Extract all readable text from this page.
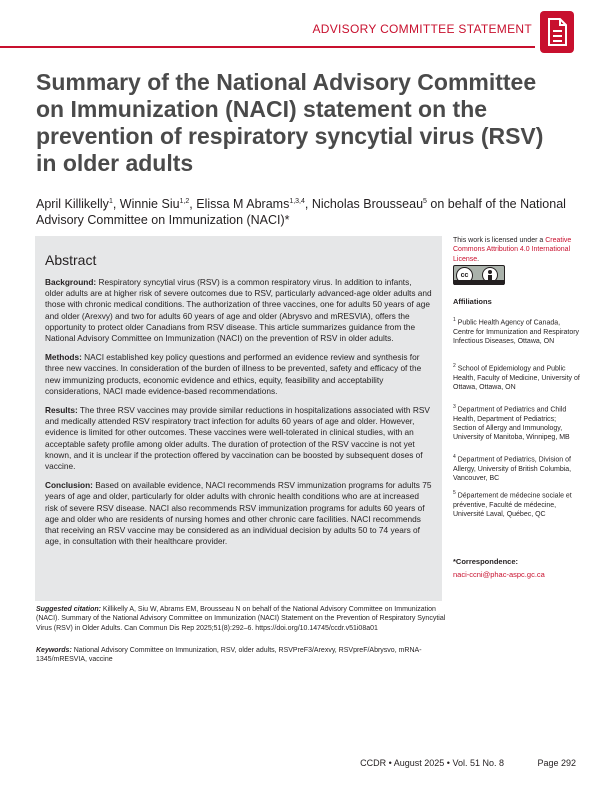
ADVISORY COMMITTEE STATEMENT
Summary of the National Advisory Committee on Immunization (NACI) statement on the prevention of respiratory syncytial virus (RSV) in older adults
April Killikelly$^1$, Winnie Siu$^{1,2}$, Elissa M Abrams$^{1,3,4}$, Nicholas Brousseau$^5$ on behalf of the National Advisory Committee on Immunization (NACI)*
Abstract

Background: Respiratory syncytial virus (RSV) is a common respiratory virus. In addition to infants, older adults are at higher risk of severe outcomes due to RSV, particularly advanced-age older adults and those with chronic medical conditions. The authorization of three vaccines, one for adults 50 years of age and older (Arexvy) and two for adults 60 years of age and older (Abrysvo and mRESVIA), offers the opportunity to protect older Canadians from RSV disease. This article summarizes guidance from the National Advisory Committee on Immunization (NACI) on the prevention of RSV in older adults.

Methods: NACI established key policy questions and performed an evidence review and synthesis for three new vaccines. In consideration of the burden of illness to be prevented, safety and efficacy of the new immunizing products, economic evidence and ethics, equity, feasibility and acceptability considerations, NACI made evidence-based recommendations.

Results: The three RSV vaccines may provide similar reductions in hospitalizations associated with RSV and medically attended RSV respiratory tract infection for adults 60 years of age and older. However, evidence is limited for other outcomes. These vaccines were well-tolerated in clinical studies, with an acceptable safety profile among older adults. The duration of protection of the RSV vaccine is not yet known, and it is unclear if the protection offered by vaccination can be boosted by subsequent doses of vaccine.

Conclusion: Based on available evidence, NACI recommends RSV immunization programs for adults 75 years of age and older, particularly for older adults with chronic health conditions who are at increased risk of severe RSV disease. NACI also recommends RSV immunization programs for adults 60 years of age and older who are residents of nursing homes and other chronic care facilities. NACI recommends that receiving an RSV vaccine may be considered as an individual decision by adults 50 to 74 years of age, in consultation with their healthcare provider.

This work is licensed under a Creative Commons Attribution 4.0 International License.
cc
Affiliations
$^1$ Public Health Agency of Canada, Centre for Immunization and Respiratory Infectious Diseases, Ottawa, ON
$^2$ School of Epidemiology and Public Health, Faculty of Medicine, University of Ottawa, Ottawa, ON
$^3$ Department of Pediatrics and Child Health, Department of Pediatrics; Section of Allergy and Immunology, University of Manitoba, Winnipeg, MB
$^4$ Department of Pediatrics, Division of Allergy, University of British Columbia, Vancouver, BC
$^5$ Département de médecine sociale et préventive, Faculté de médecine, Université Laval, Québec, QC
*Correspondence:
naci-ccni@phac-aspc.gc.ca
Suggested citation: Killikelly A, Siu W, Abrams EM, Brousseau N on behalf of the National Advisory Committee on Immunization (NACI). Summary of the National Advisory Committee on Immunization (NACI) Statement on the Prevention of Respiratory Syncytial Virus (RSV) in Older Adults. Can Commun Dis Rep 2025;51(8):292–6. https://doi.org/10.14745/ccdr.v51i08a01
Keywords: National Advisory Committee on Immunization, RSV, older adults, RSVPreF3/Arexvy, RSVpreF/Abrysvo, mRNA-1345/mRESVIA, vaccine
CCDR • August 2025 • Vol. 51 No. 8	Page 292
